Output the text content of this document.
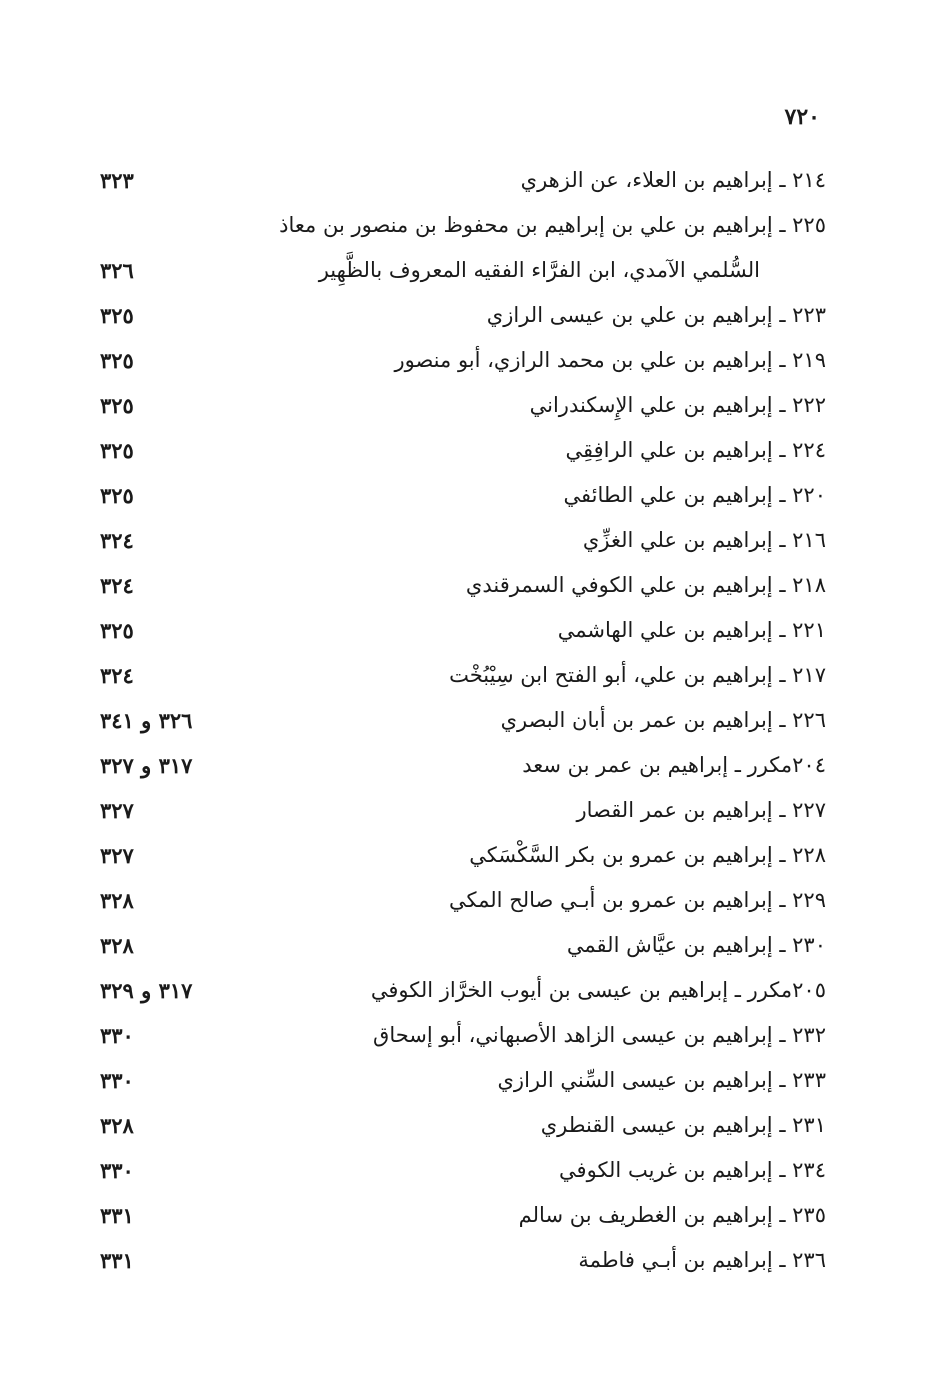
٧٢٠
٢١٤ ـ إبراهيم بن العلاء، عن الزهري
٣٢٣
٢٢٥ ـ إبراهيم بن علي بن إبراهيم بن محفوظ بن منصور بن معاذ
السُّلمي الآمدي، ابن الفرَّاء الفقيه المعروف بالظَّهِير
٣٢٦
٢٢٣ ـ إبراهيم بن علي بن عيسى الرازي
٣٢٥
٢١٩ ـ إبراهيم بن علي بن محمد الرازي، أبو منصور
٣٢٥
٢٢٢ ـ إبراهيم بن علي الإِسكندراني
٣٢٥
٢٢٤ ـ إبراهيم بن علي الرافِقِي
٣٢٥
٢٢٠ ـ إبراهيم بن علي الطائفي
٣٢٥
٢١٦ ـ إبراهيم بن علي الغزِّي
٣٢٤
٢١٨ ـ إبراهيم بن علي الكوفي السمرقندي
٣٢٤
٢٢١ ـ إبراهيم بن علي الهاشمي
٣٢٥
٢١٧ ـ إبراهيم بن علي، أبو الفتح ابن سِيْبُخْت
٣٢٤
٢٢٦ ـ إبراهيم بن عمر بن أبان البصري
٣٢٦ و ٣٤١
٢٠٤مكرر ـ إبراهيم بن عمر بن سعد
٣١٧ و ٣٢٧
٢٢٧ ـ إبراهيم بن عمر القصار
٣٢٧
٢٢٨ ـ إبراهيم بن عمرو بن بكر السَّكْسَكي
٣٢٧
٢٢٩ ـ إبراهيم بن عمرو بن أبـي صالح المكي
٣٢٨
٢٣٠ ـ إبراهيم بن عيَّاش القمي
٣٢٨
٢٠٥مكرر ـ إبراهيم بن عيسى بن أيوب الخرَّاز الكوفي
٣١٧ و ٣٢٩
٢٣٢ ـ إبراهيم بن عيسى الزاهد الأصبهاني، أبو إسحاق
٣٣٠
٢٣٣ ـ إبراهيم بن عيسى السِّني الرازي
٣٣٠
٢٣١ ـ إبراهيم بن عيسى القنطري
٣٢٨
٢٣٤ ـ إبراهيم بن غريب الكوفي
٣٣٠
٢٣٥ ـ إبراهيم بن الغطريف بن سالم
٣٣١
٢٣٦ ـ إبراهيم بن أبـي فاطمة
٣٣١
